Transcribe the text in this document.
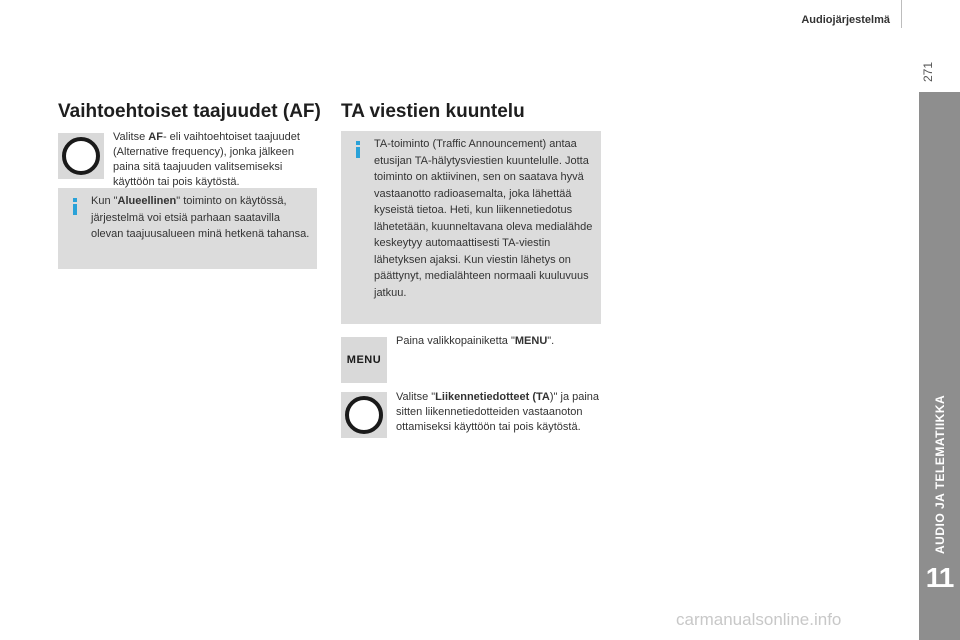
Audiojärjestelmä
271
AUDIO JA TELEMATIIKKA
11
Vaihtoehtoiset taajuudet (AF)
Valitse AF- eli vaihtoehtoiset taajuudet (Alternative frequency), jonka jälkeen paina sitä taajuuden valitsemiseksi käyttöön tai pois käytöstä.
Kun "Alueellinen" toiminto on käytössä, järjestelmä voi etsiä parhaan saatavilla olevan taajuusalueen minä hetkenä tahansa.
TA viestien kuuntelu
TA-toiminto (Traffic Announcement) antaa etusijan TA-hälytysviestien kuuntelulle. Jotta toiminto on aktiivinen, sen on saatava hyvä vastaanotto radioasemalta, joka lähettää kyseistä tietoa. Heti, kun liikennetiedotus lähetetään, kuunneltavana oleva medialähde keskeytyy automaattisesti TA-viestin lähetyksen ajaksi. Kun viestin lähetys on päättynyt, medialähteen normaali kuuluvuus jatkuu.
MENU
Paina valikkopainiketta "MENU".
Valitse "Liikennetiedotteet (TA)" ja paina sitten liikennetiedotteiden vastaanoton ottamiseksi käyttöön tai pois käytöstä.
carmanualsonline.info
